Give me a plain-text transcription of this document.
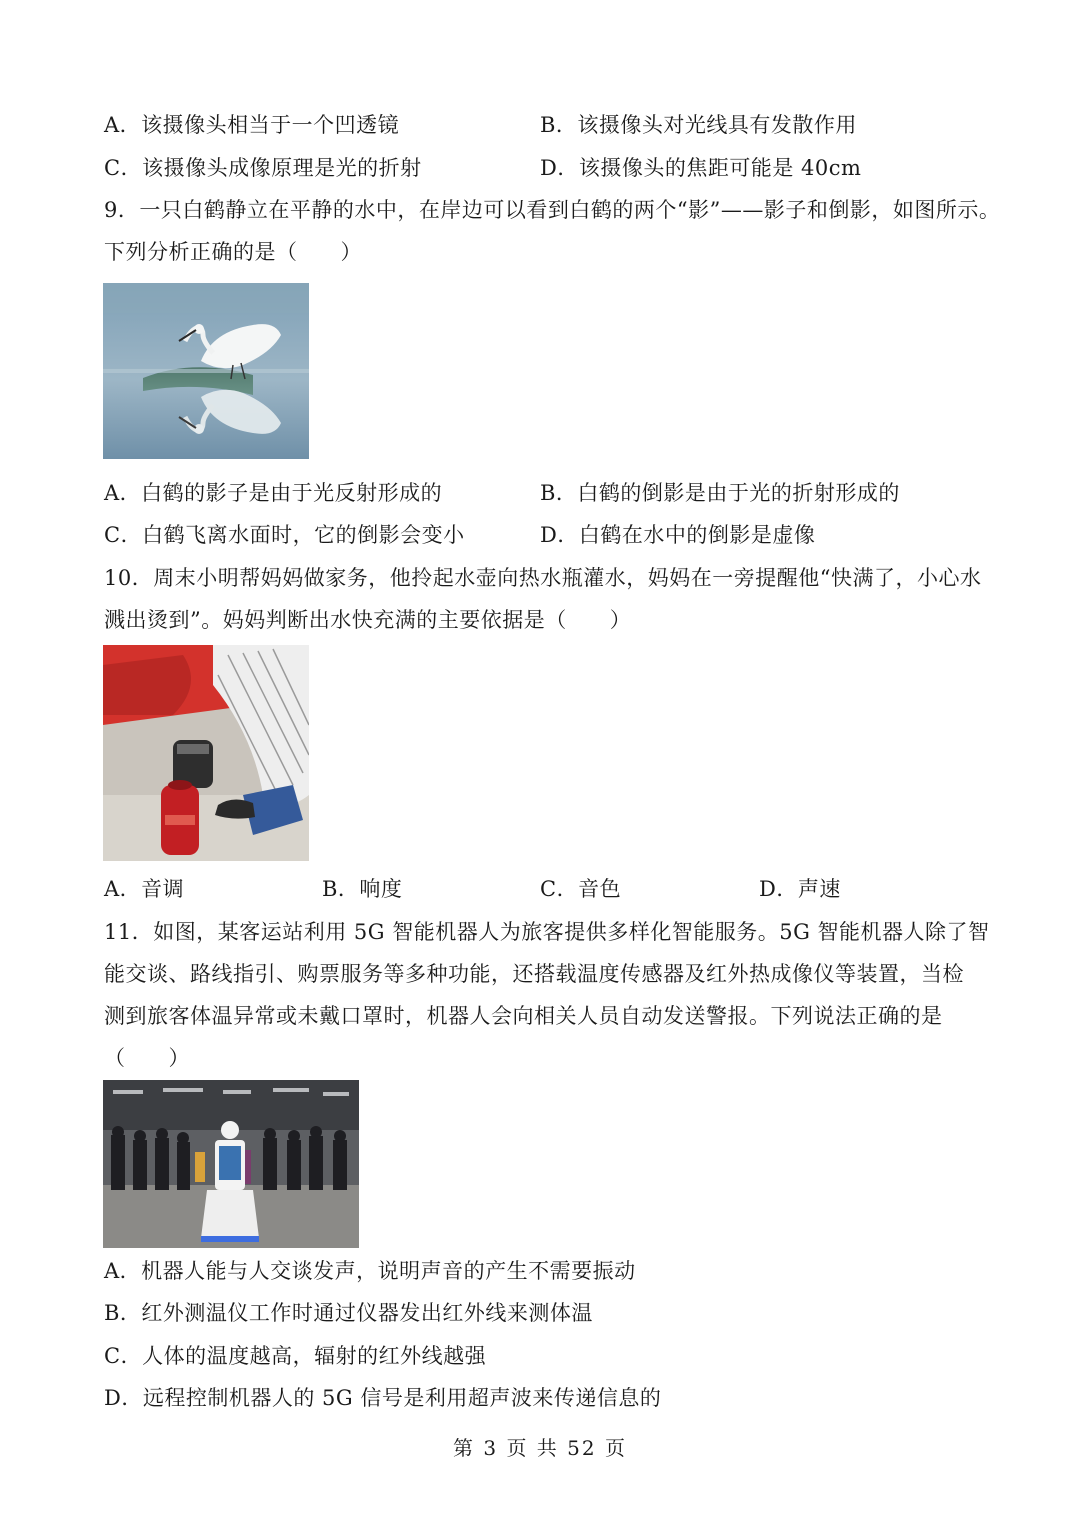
A．该摄像头相当于一个凹透镜	B．该摄像头对光线具有发散作用
C．该摄像头成像原理是光的折射	D．该摄像头的焦距可能是 40cm
9．一只白鹤静立在平静的水中，在岸边可以看到白鹤的两个“影”——影子和倒影，如图所示。
下列分析正确的是（　　）
A．白鹤的影子是由于光反射形成的	B．白鹤的倒影是由于光的折射形成的
C．白鹤飞离水面时，它的倒影会变小	D．白鹤在水中的倒影是虚像
10．周末小明帮妈妈做家务，他拎起水壶向热水瓶灌水，妈妈在一旁提醒他“快满了，小心水
溅出烫到”。妈妈判断出水快充满的主要依据是（　　）
A．音调	B．响度	C．音色	D．声速
11．如图，某客运站利用 5G 智能机器人为旅客提供多样化智能服务。5G 智能机器人除了智
能交谈、路线指引、购票服务等多种功能，还搭载温度传感器及红外热成像仪等装置，当检
测到旅客体温异常或未戴口罩时，机器人会向相关人员自动发送警报。下列说法正确的是
（　　）
A．机器人能与人交谈发声，说明声音的产生不需要振动
B．红外测温仪工作时通过仪器发出红外线来测体温
C．人体的温度越高，辐射的红外线越强
D．远程控制机器人的 5G 信号是利用超声波来传递信息的
第 3 页 共 52 页
